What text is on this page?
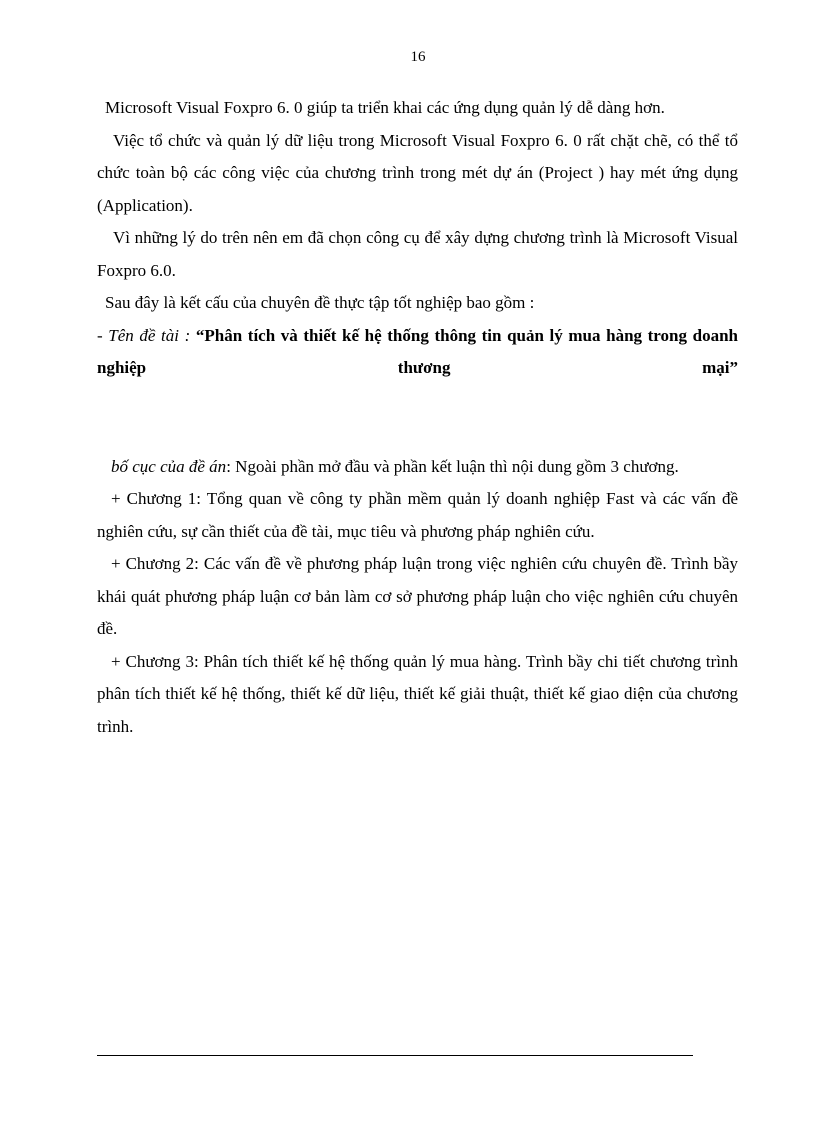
16

Microsoft Visual Foxpro 6. 0 giúp ta triển khai các ứng dụng quản lý dễ dàng hơn.

Việc tổ chức và quản lý dữ liệu trong Microsoft Visual Foxpro 6. 0 rất chặt chẽ, có thể tổ chức toàn bộ các công việc của chương trình trong mét dự án (Project ) hay mét ứng dụng (Application).

Vì những lý do trên nên em đã chọn công cụ để xây dựng chương trình là Microsoft Visual Foxpro 6.0.

Sau đây là kết cấu của chuyên đề thực tập tốt nghiệp bao gồm :

- Tên đề tài : “Phân tích và thiết kế hệ thống thông tin quản lý mua hàng trong doanh nghiệp thương mại”

bố cục của đề án: Ngoài phần mở đầu và phần kết luận thì nội dung gồm 3 chương.

+ Chương 1: Tổng quan về công ty phần mềm quản lý doanh nghiệp Fast và các vấn đề nghiên cứu, sự cần thiết của đề tài, mục tiêu và phương pháp nghiên cứu.

+ Chương 2: Các vấn đề về phương pháp luận trong việc nghiên cứu chuyên đề. Trình bầy khái quát phương pháp luận cơ bản làm cơ sở phương pháp luận cho việc nghiên cứu chuyên đề.

+ Chương 3: Phân tích thiết kế hệ thống quản lý mua hàng. Trình bầy chi tiết chương trình phân tích thiết kế hệ thống, thiết kế dữ liệu, thiết kế giải thuật, thiết kế giao diện của chương trình.
